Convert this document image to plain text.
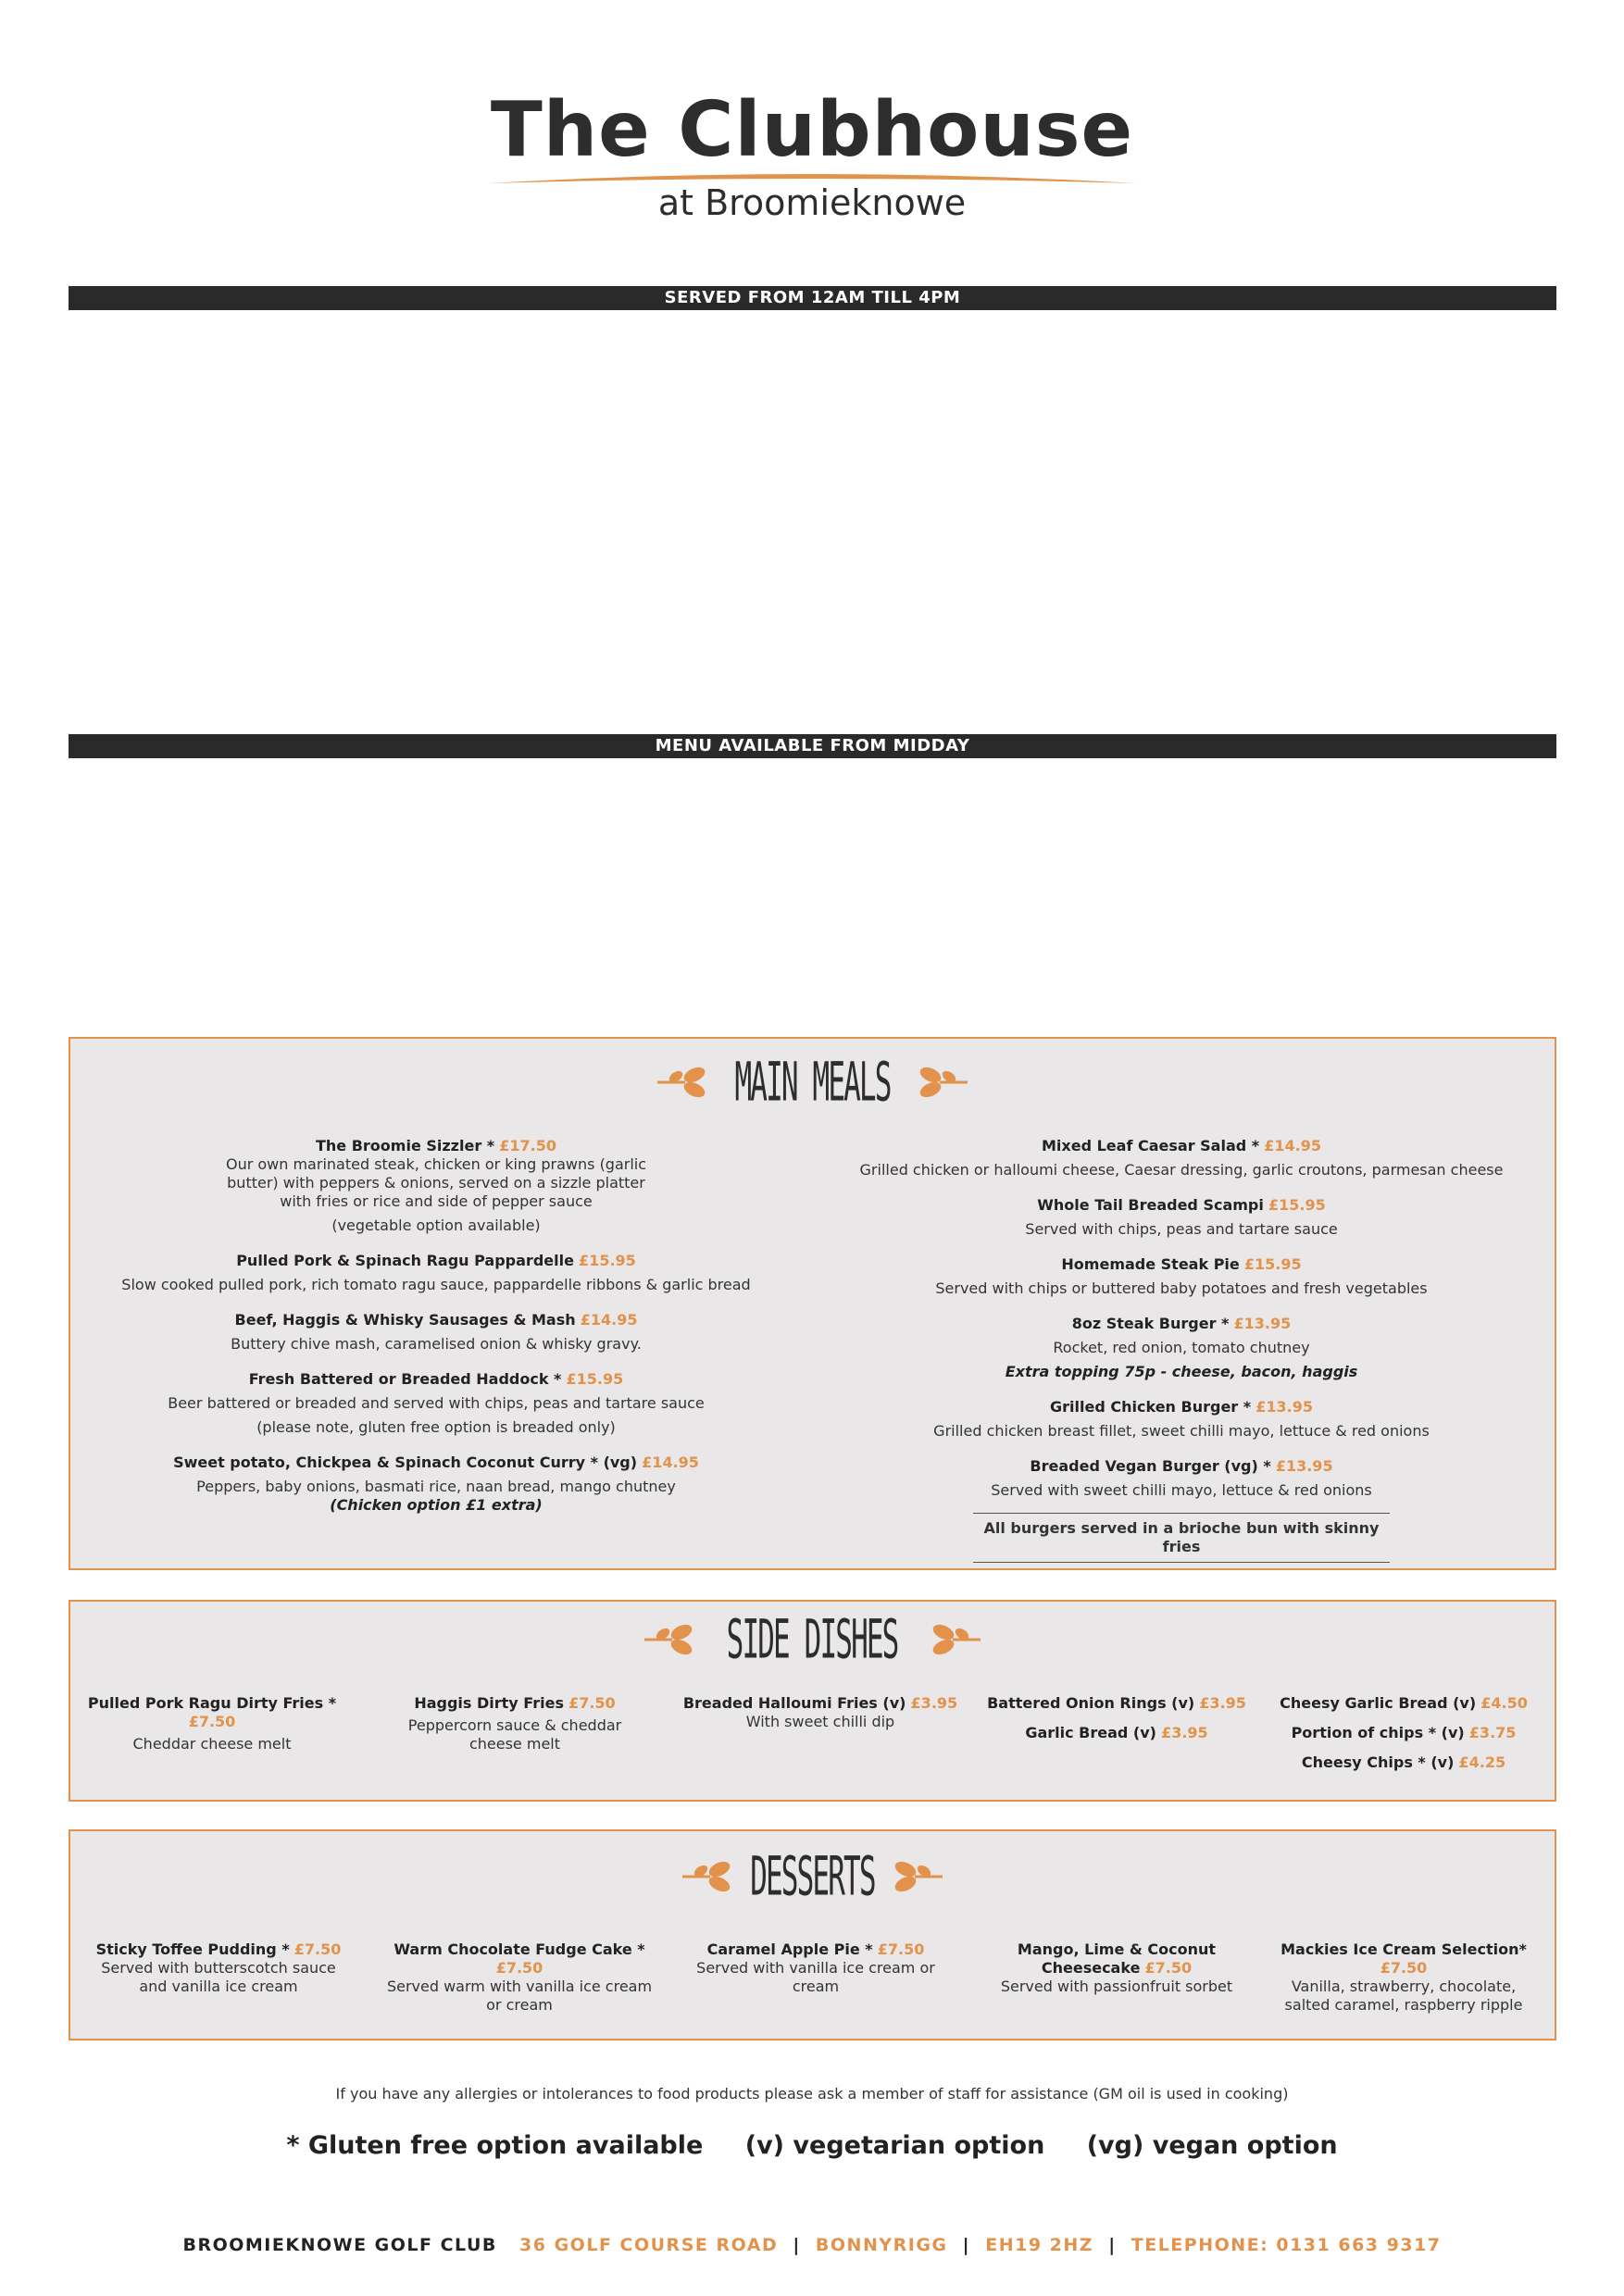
The Clubhouse
at Broomieknowe
SERVED FROM 12AM TILL 4PM
LUNCH DISHES
Breakfast Rolls * (1 filling) £3.75
Your choice of bacon, link sausage, lorne, haggis, black pudding, tattie scone or fried egg
Extra fillings 95p
Cold Filled Rolls £3.75
Your choice of 2 fillings
Choose from: cheese, ham, onion, tomato, tuna mayo
Extra fillings 50p
Toastie £5.95
Your choice of 2 fillings
Choose from: cheese, ham, onion, tomato, tuna mayo.
Extra fillings 50p
Toastie Combo £8.95
Your choice of 2 fillings
Choose from: cheese, ham, onion, tomato, tuna mayo. Served with a small soup or skinny fries
Extra fillings 50p
Filled Roll and Soup Combo £8.95
Your choice of cold roll and a small soup
Bacon, Brie and Cranberry Panini £9.95
Served with skinny fries
Cajun Chicken, Bacon and Cheese Panini £9.95
Served with skinny fries
Philly Cheese Steak Ciabatta £10.95
Grilled steak strips , onions, cream cheese, toasted ciabatta, fries
Bagel Club Sandwich £10.95
Grilled chicken, bacon, tomato mixed leaves, mayo, fries
MENU AVAILABLE FROM MIDDAY
STARTERS
Soup of the Day * £7.50
Served with crusty roll and butter
Cullen Skink * £8.50
Traditional, Scottish soup with Finnan haddock & potatoes, crusty mini roll
Deep Fried Brie * £7.95
Raspberry & red onion marmalade
Chicken Croquettes *
£7.95
Creamy pulled chicken croquettes, chorizo jam
Creamy Garlic mushrooms £7.95
Mushrooms served on toasted focaccia, parmesan, peas shoots
Mixed Leaf Caesar Salad * £7.95
Grilled chicken or halloumi cheese, Caesar dressing, garlic croutons, parmesan cheese
Haggis Bon Bons £7.95
Chipotle mash, creamy tomato & smoked paprika sauce
MAIN MEALS
The Broomie Sizzler * £17.50
Our own marinated steak, chicken or king prawns (garlic butter) with peppers & onions, served on a sizzle platter with fries or rice and side of pepper sauce
(vegetable option available)
Pulled Pork & Spinach Ragu Pappardelle £15.95
Slow cooked pulled pork, rich tomato ragu sauce, pappardelle ribbons & garlic bread
Beef, Haggis & Whisky Sausages & Mash £14.95
Buttery chive mash, caramelised onion & whisky gravy.
Fresh Battered or Breaded Haddock * £15.95
Beer battered or breaded and served with chips, peas and tartare sauce
(please note, gluten free option is breaded only)
Sweet potato, Chickpea & Spinach Coconut Curry * (vg) £14.95
Peppers, baby onions, basmati rice, naan bread, mango chutney
(Chicken option £1 extra)
Mixed Leaf Caesar Salad * £14.95
Grilled chicken or halloumi cheese, Caesar dressing, garlic croutons, parmesan cheese
Whole Tail Breaded Scampi £15.95
Served with chips, peas and tartare sauce
Homemade Steak Pie £15.95
Served with chips or buttered baby potatoes and fresh vegetables
8oz Steak Burger * £13.95
Rocket, red onion, tomato chutney
Extra topping 75p - cheese, bacon, haggis
Grilled Chicken Burger * £13.95
Grilled chicken breast fillet, sweet chilli mayo, lettuce & red onions
Breaded Vegan Burger (vg) * £13.95
Served with sweet chilli mayo, lettuce & red onions
All burgers served in a brioche bun with skinny fries
SIDE DISHES
Pulled Pork Ragu Dirty Fries * £7.50
Cheddar cheese melt
Haggis Dirty Fries £7.50
Peppercorn sauce & cheddar cheese melt
Breaded Halloumi Fries (v) £3.95
With sweet chilli dip
Battered Onion Rings (v) £3.95
Garlic Bread (v) £3.95
Cheesy Garlic Bread (v) £4.50
Portion of chips * (v) £3.75
Cheesy Chips * (v) £4.25
DESSERTS
Sticky Toffee Pudding * £7.50
Served with butterscotch sauce and vanilla ice cream
Warm Chocolate Fudge Cake *
£7.50
Served warm with vanilla ice cream or cream
Caramel Apple Pie * £7.50
Served with vanilla ice cream or cream
Mango, Lime & Coconut Cheesecake £7.50
Served with passionfruit sorbet
Mackies Ice Cream Selection*
£7.50
Vanilla, strawberry, chocolate, salted caramel, raspberry ripple
If you have any allergies or intolerances to food products please ask a member of staff for assistance (GM oil is used in cooking)
* Gluten free option available (v) vegetarian option (vg) vegan option
BROOMIEKNOWE GOLF CLUB 36 GOLF COURSE ROAD | BONNYRIGG | EH19 2HZ | TELEPHONE: 0131 663 9317
